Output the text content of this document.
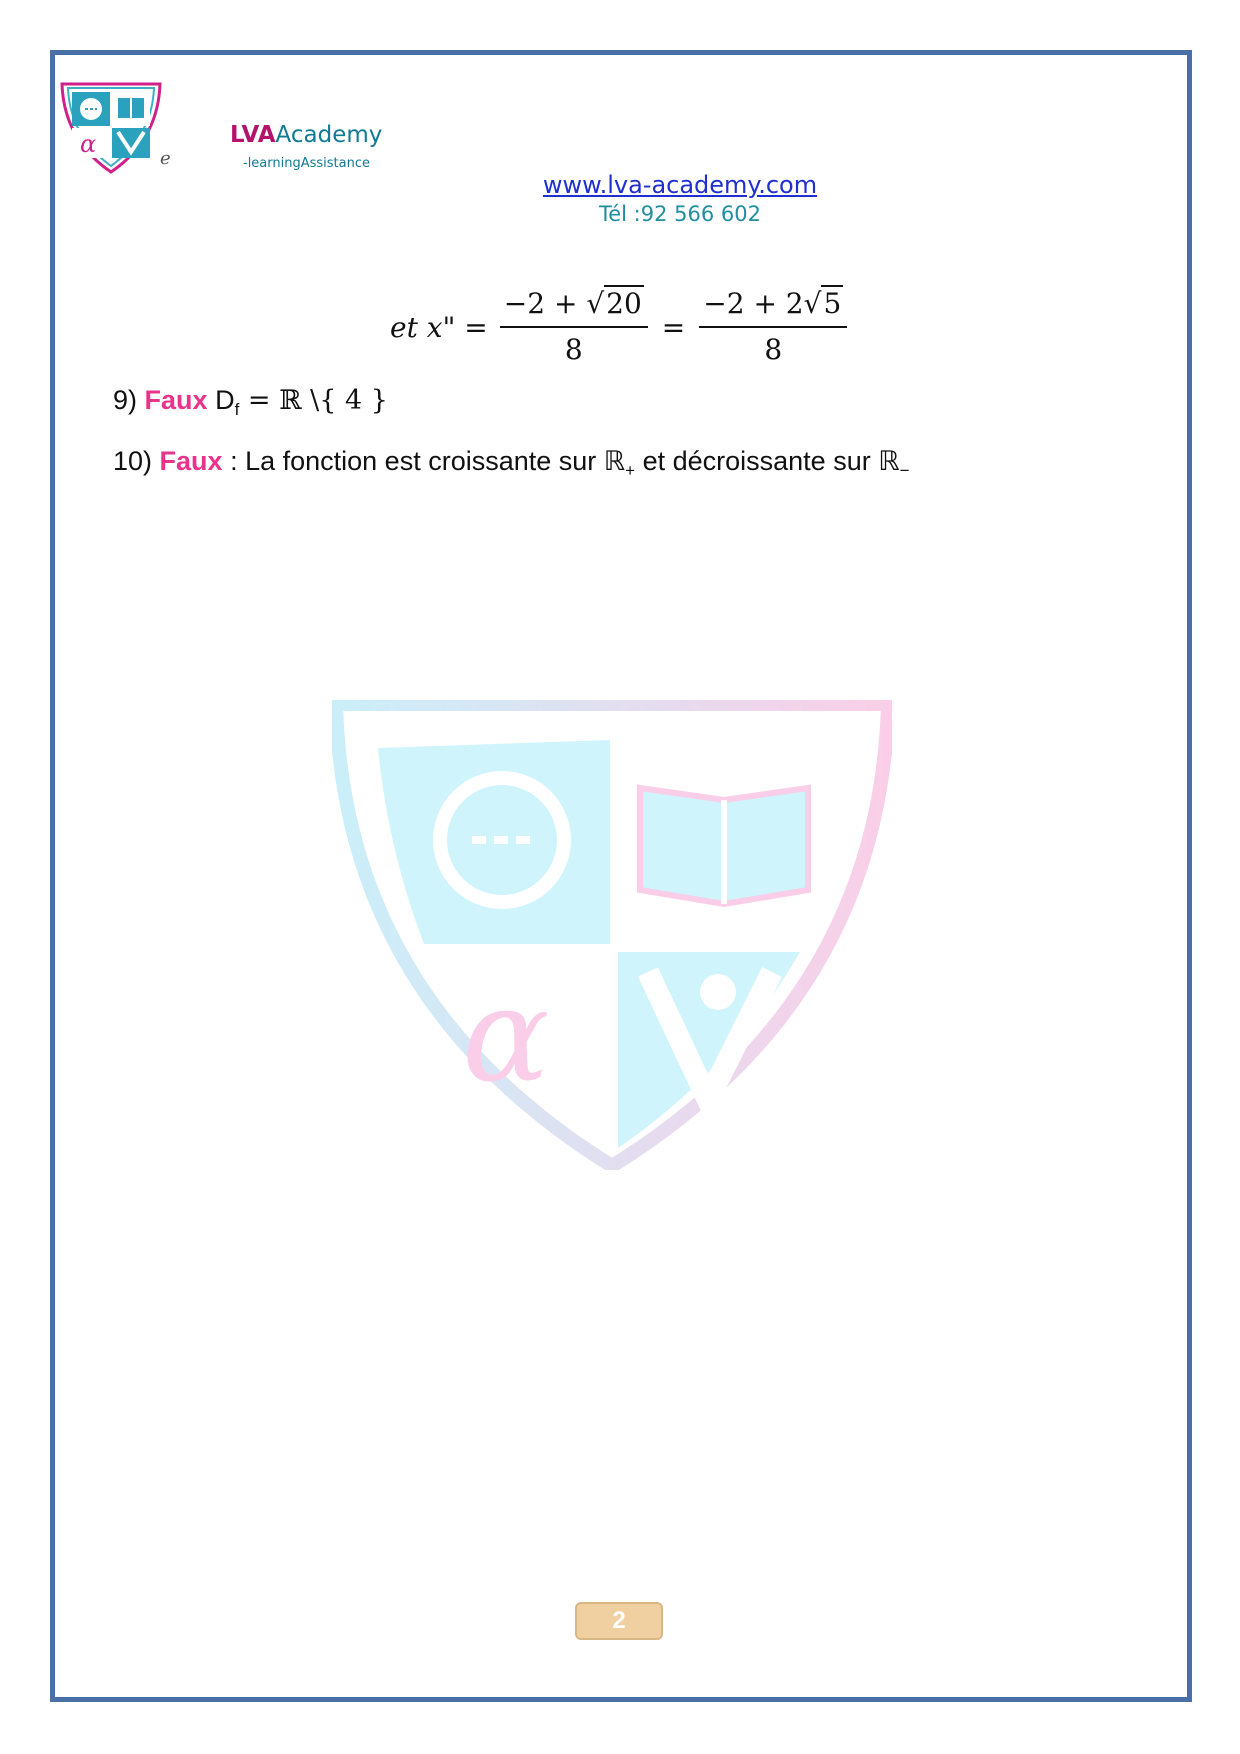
α
e
LVAAcademy
-learningAssistance
www.lva-academy.com
Tél :92 566 602
et x" = $\frac{-2 + √20}{8} = \frac{-2 + 2√5}{8}$
9) Faux $D_f$ = ℝ \{ 4 }
10) Faux : La fonction est croissante sur ℝ$_+$ et décroissante sur ℝ$_-$
α
2
